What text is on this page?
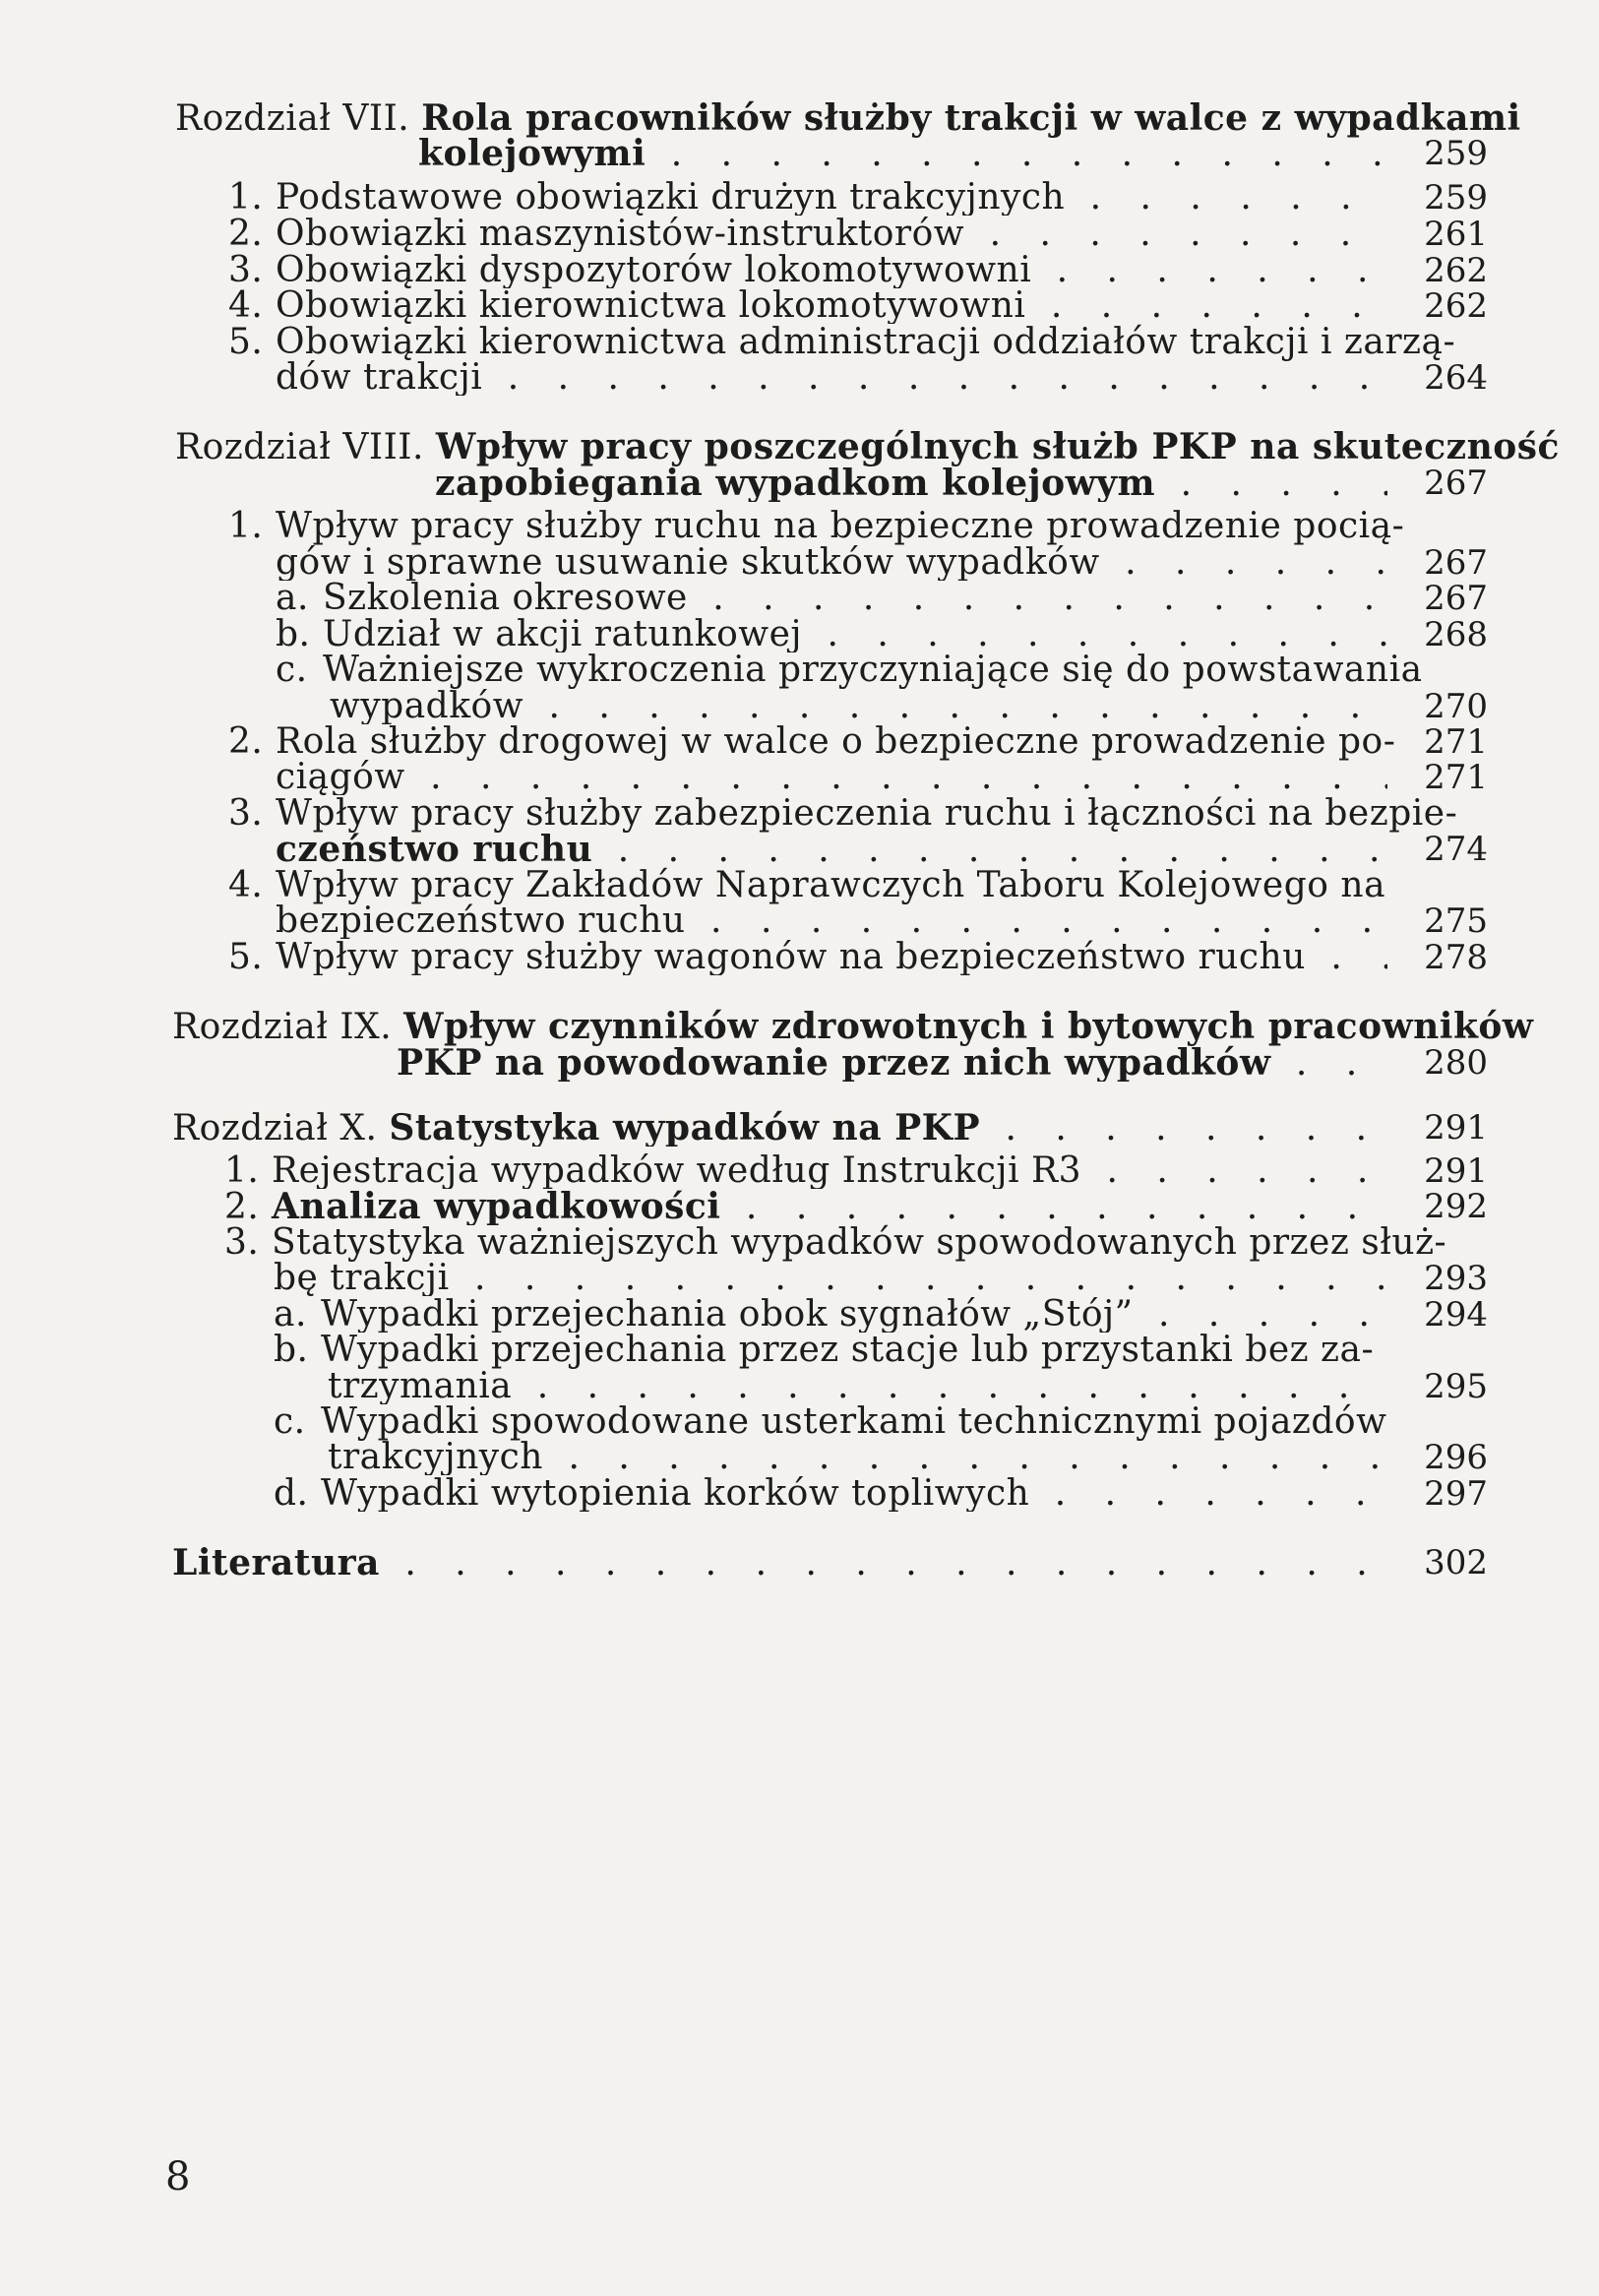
Rozdział VII. Rola pracowników służby trakcji w walce z wypadkami
kolejowymi . . .	259
1. Podstawowe obowiązki drużyn trakcyjnych . . .	259
2. Obowiązki maszynistów-instruktorów . . .	261
3. Obowiązki dyspozytorów lokomotywowni . . .	262
4. Obowiązki kierownictwa lokomotywowni . . .	262
5. Obowiązki kierownictwa administracji oddziałów trakcji i zarzą-
dów trakcji . . .	264
Rozdział VIII. Wpływ pracy poszczególnych służb PKP na skuteczność
zapobiegania wypadkom kolejowym . . .	267
1. Wpływ pracy służby ruchu na bezpieczne prowadzenie pocią-
gów i sprawne usuwanie skutków wypadków . . .	267
a. Szkolenia okresowe . . .	267
b. Udział w akcji ratunkowej . . .	268
c. Ważniejsze wykroczenia przyczyniające się do powstawania
wypadków . . .	270
2. Rola służby drogowej w walce o bezpieczne prowadzenie po- 271
ciągów . . .	271
3. Wpływ pracy służby zabezpieczenia ruchu i łączności na bezpie-
czeństwo ruchu . . .	274
4. Wpływ pracy Zakładów Naprawczych Taboru Kolejowego na
bezpieczeństwo ruchu . . .	275
5. Wpływ pracy służby wagonów na bezpieczeństwo ruchu . . .	278
Rozdział IX. Wpływ czynników zdrowotnych i bytowych pracowników
PKP na powodowanie przez nich wypadków . . .	280
Rozdział X. Statystyka wypadków na PKP . . .	291
1. Rejestracja wypadków według Instrukcji R3 . . .	291
2. Analiza wypadkowości . . .	292
3. Statystyka ważniejszych wypadków spowodowanych przez służ-
bę trakcji . . .	293
a. Wypadki przejechania obok sygnałów „Stój” . . .	294
b. Wypadki przejechania przez stacje lub przystanki bez za-
trzymania . . .	295
c. Wypadki spowodowane usterkami technicznymi pojazdów
trakcyjnych . . .	296
d. Wypadki wytopienia korków topliwych . . .	297
Literatura . . .	302
8
